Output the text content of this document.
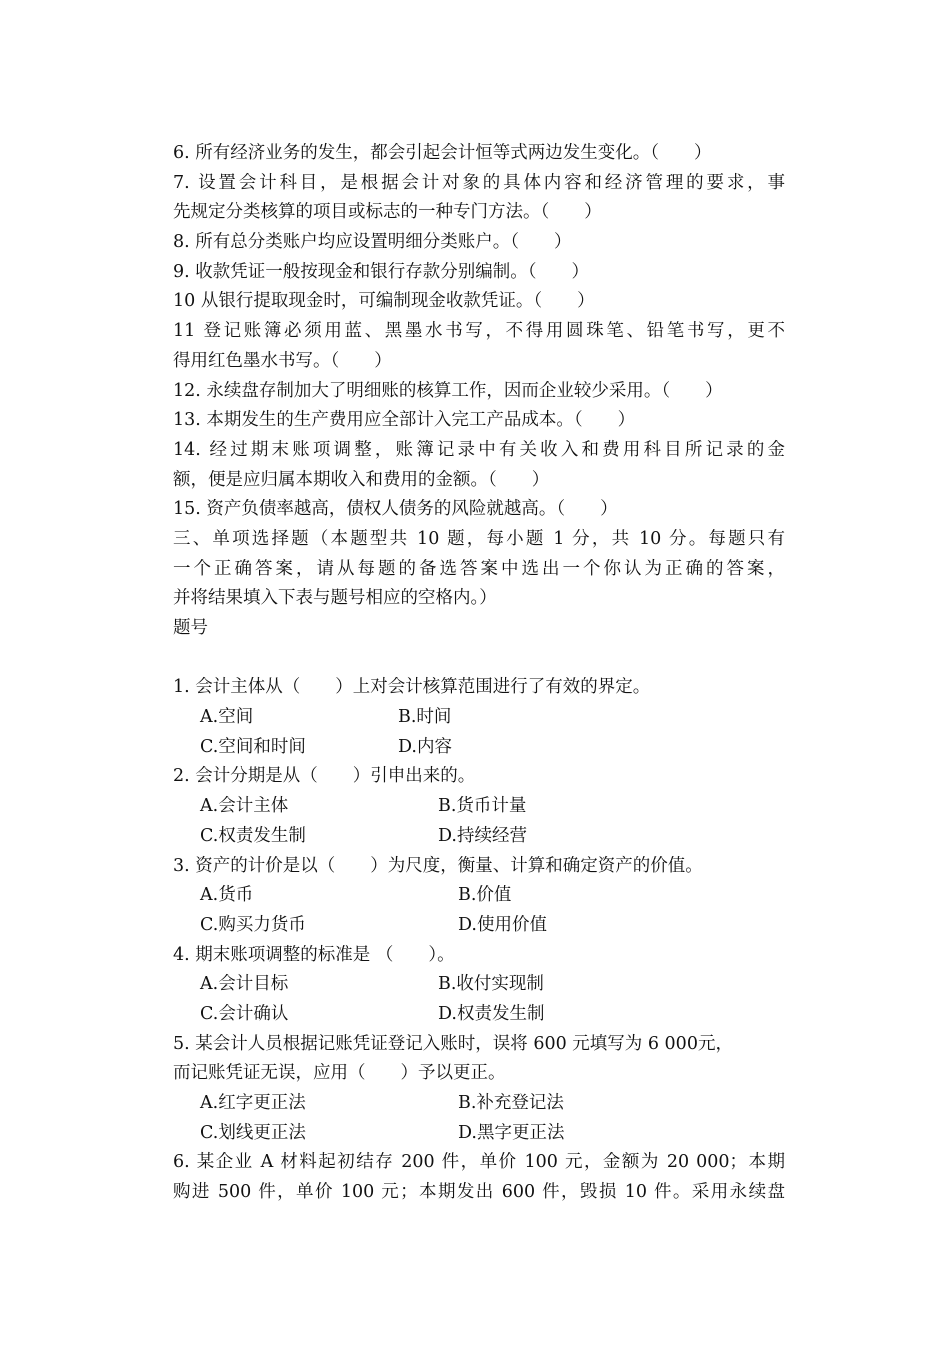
6. 所有经济业务的发生，都会引起会计恒等式两边发生变化。（　　）
7. 设置会计科目，是根据会计对象的具体内容和经济管理的要求，事
先规定分类核算的项目或标志的一种专门方法。（　　）
8. 所有总分类账户均应设置明细分类账户。（　　）
9. 收款凭证一般按现金和银行存款分别编制。（　　）
10 从银行提取现金时，可编制现金收款凭证。（　　）
11 登记账簿必须用蓝、黑墨水书写，不得用圆珠笔、铅笔书写，更不
得用红色墨水书写。（　　）
12. 永续盘存制加大了明细账的核算工作，因而企业较少采用。（　　）
13. 本期发生的生产费用应全部计入完工产品成本。（　　）
14. 经过期末账项调整，账簿记录中有关收入和费用科目所记录的金
额，便是应归属本期收入和费用的金额。（　　）
15. 资产负债率越高，债权人债务的风险就越高。（　　）
三、单项选择题（本题型共 10 题，每小题 1 分，共 10 分。每题只有
一个正确答案，请从每题的备选答案中选出一个你认为正确的答案，
并将结果填入下表与题号相应的空格内。）
题号
1. 会计主体从（　　）上对会计核算范围进行了有效的界定。
A.空间	B.时间
C.空间和时间	D.内容
2. 会计分期是从（　　）引申出来的。
A.会计主体	B.货币计量
C.权责发生制	D.持续经营
3. 资产的计价是以（　　）为尺度，衡量、计算和确定资产的价值。
A.货币	B.价值
C.购买力货币	D.使用价值
4. 期末账项调整的标准是 （　　）。
A.会计目标	B.收付实现制
C.会计确认	D.权责发生制
5. 某会计人员根据记账凭证登记入账时，误将 600 元填写为 6 000元，
而记账凭证无误，应用（　　）予以更正。
A.红字更正法	B.补充登记法
C.划线更正法	D.黑字更正法
6. 某企业 A 材料起初结存 200 件，单价 100 元，金额为 20 000；本期
购进 500 件，单价 100 元；本期发出 600 件，毁损 10 件。采用永续盘
